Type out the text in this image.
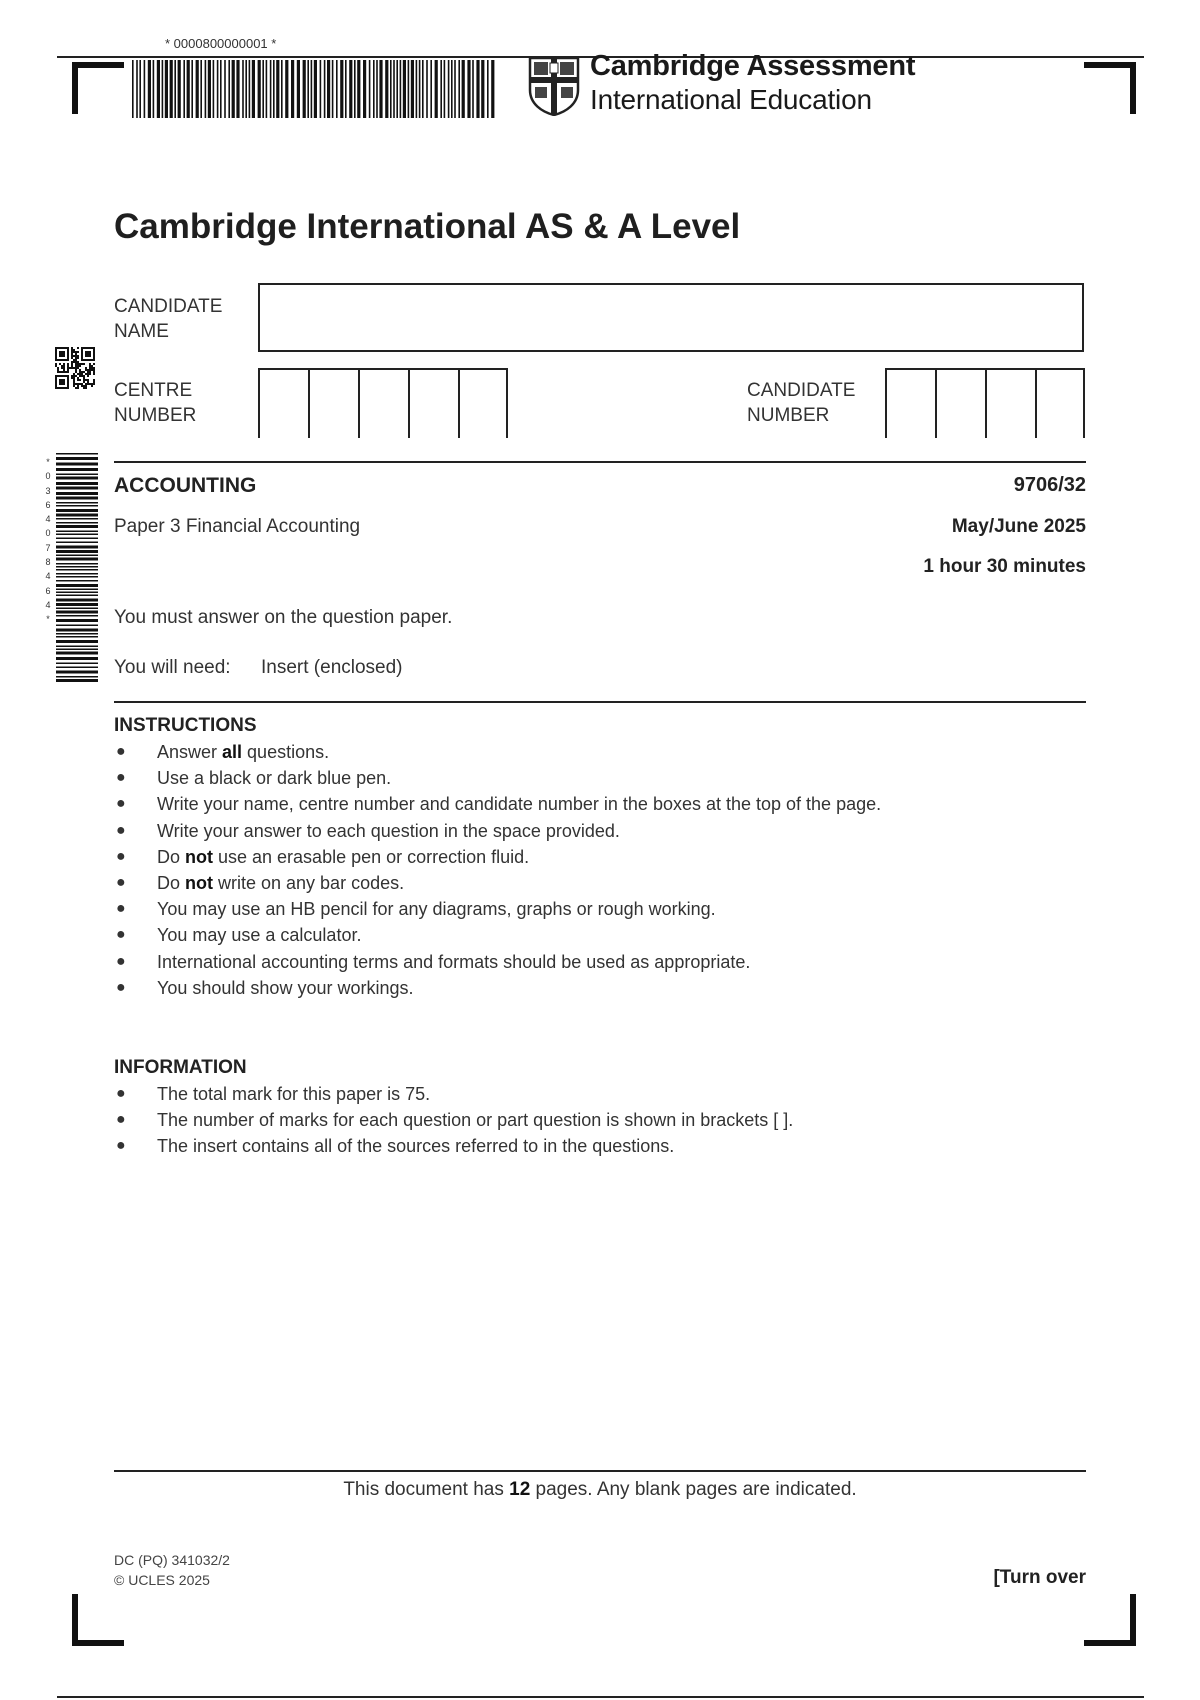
* 0000800000001 *
*
0
3
6
4
0
7
8
4
6
4
*
Cambridge Assessment
International Education
Cambridge International AS & A Level
CANDIDATE
NAME
CENTRE
NUMBER
CANDIDATE
NUMBER
ACCOUNTING	9706/32
Paper 3 Financial Accounting	May/June 2025
1 hour 30 minutes
You must answer on the question paper.
You will need: Insert (enclosed)
INSTRUCTIONS
● Answer all questions.
● Use a black or dark blue pen.
● Write your name, centre number and candidate number in the boxes at the top of the page.
● Write your answer to each question in the space provided.
● Do not use an erasable pen or correction fluid.
● Do not write on any bar codes.
● You may use an HB pencil for any diagrams, graphs or rough working.
● You may use a calculator.
● International accounting terms and formats should be used as appropriate.
● You should show your workings.
INFORMATION
● The total mark for this paper is 75.
● The number of marks for each question or part question is shown in brackets [ ].
● The insert contains all of the sources referred to in the questions.
This document has 12 pages. Any blank pages are indicated.
DC (PQ) 341032/2
© UCLES 2025	[Turn over
